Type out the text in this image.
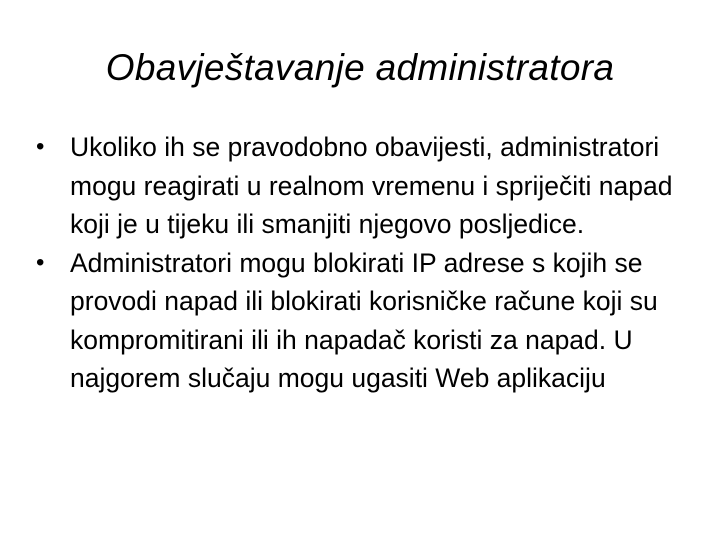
Obavještavanje administratora
• Ukoliko ih se pravodobno obavijesti, administratori mogu reagirati u realnom vremenu i spriječiti napad koji je u tijeku ili smanjiti njegovo posljedice.
• Administratori mogu blokirati IP adrese s kojih se provodi napad ili blokirati korisničke račune koji su kompromitirani ili ih napadač koristi za napad. U najgorem slučaju mogu ugasiti Web aplikaciju
